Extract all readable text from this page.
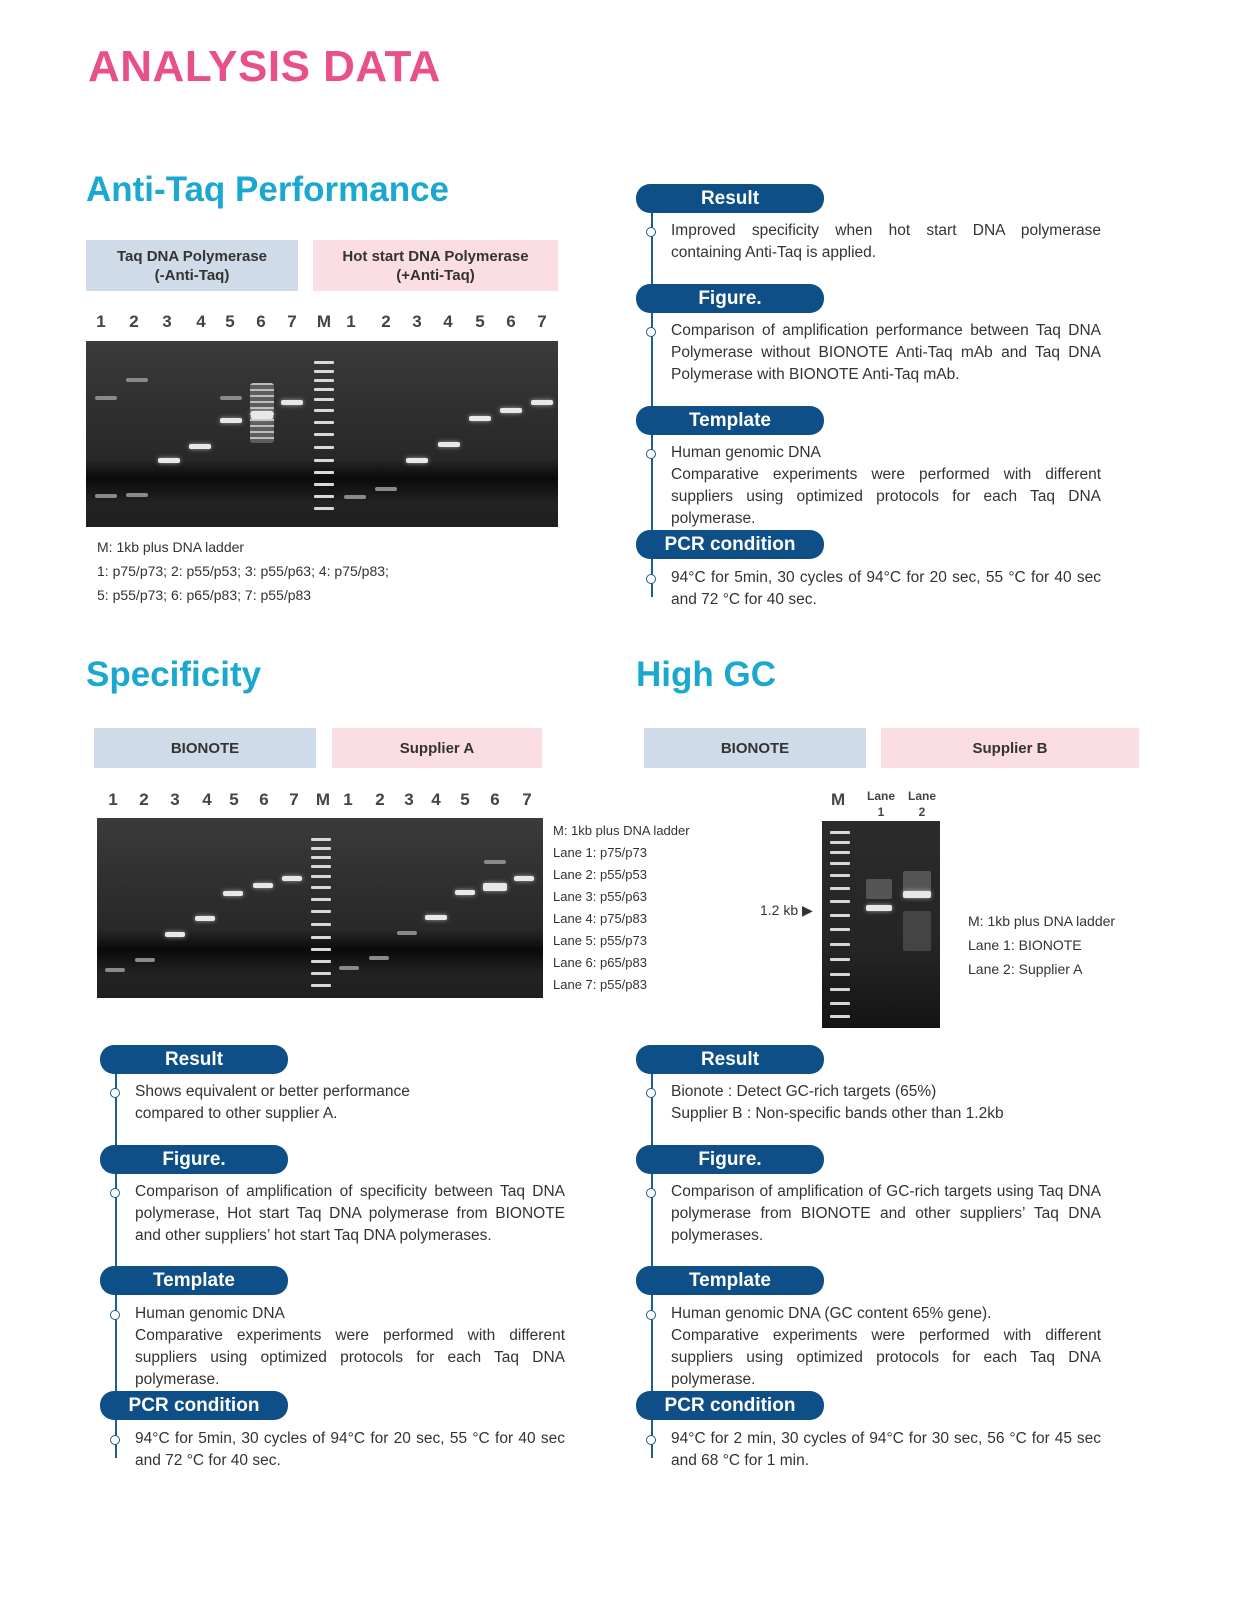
ANALYSIS DATA
Anti-Taq Performance
Taq DNA Polymerase
(-Anti-Taq)
Hot start DNA Polymerase
(+Anti-Taq)
1	2	3	4	5	6	7	M 1	2	3	4	5	6	7
M: 1kb plus DNA ladder
1: p75/p73; 2: p55/p53; 3: p55/p63; 4: p75/p83;
5: p55/p73; 6: p65/p83; 7: p55/p83
Result
Improved specificity when hot start DNA polymerase containing Anti-Taq is applied.
Figure.
Comparison of amplification performance between Taq DNA Polymerase without BIONOTE Anti-Taq mAb and Taq DNA Polymerase with BIONOTE Anti-Taq mAb.
Template
Human genomic DNA
Comparative experiments were performed with different suppliers using optimized protocols for each Taq DNA polymerase.
PCR condition
94°C for 5min, 30 cycles of 94°C for 20 sec, 55 °C for 40 sec and 72 °C for 40 sec.
Specificity
BIONOTE	Supplier A
1	2	3	4	5	6	7	M 1	2	3	4	5	6	7
M: 1kb plus DNA ladder
Lane 1: p75/p73
Lane 2: p55/p53
Lane 3: p55/p63
Lane 4: p75/p83
Lane 5: p55/p73
Lane 6: p65/p83
Lane 7: p55/p83
Result
Shows equivalent or better performance compared to other supplier A.
Figure.
Comparison of amplification of specificity between Taq DNA polymerase, Hot start Taq DNA polymerase from BIONOTE and other suppliers’ hot start Taq DNA polymerases.
Template
Human genomic DNA
Comparative experiments were performed with different suppliers using optimized protocols for each Taq DNA polymerase.
PCR condition
94°C for 5min, 30 cycles of 94°C for 20 sec, 55 °C for 40 sec and 72 °C for 40 sec.
High GC
BIONOTE	Supplier B
M	Lane
1
Lane
2
1.2 kb ▶
M: 1kb plus DNA ladder
Lane 1: BIONOTE
Lane 2: Supplier A
Result
Bionote : Detect GC-rich targets (65%)
Supplier B : Non-specific bands other than 1.2kb
Figure.
Comparison of amplification of GC-rich targets using Taq DNA polymerase from BIONOTE and other suppliers’ Taq DNA polymerases.
Template
Human genomic DNA (GC content 65% gene).
Comparative experiments were performed with different suppliers using optimized protocols for each Taq DNA polymerase.
PCR condition
94°C for 2 min, 30 cycles of 94°C for 30 sec, 56 °C for 45 sec and 68 °C for 1 min.
